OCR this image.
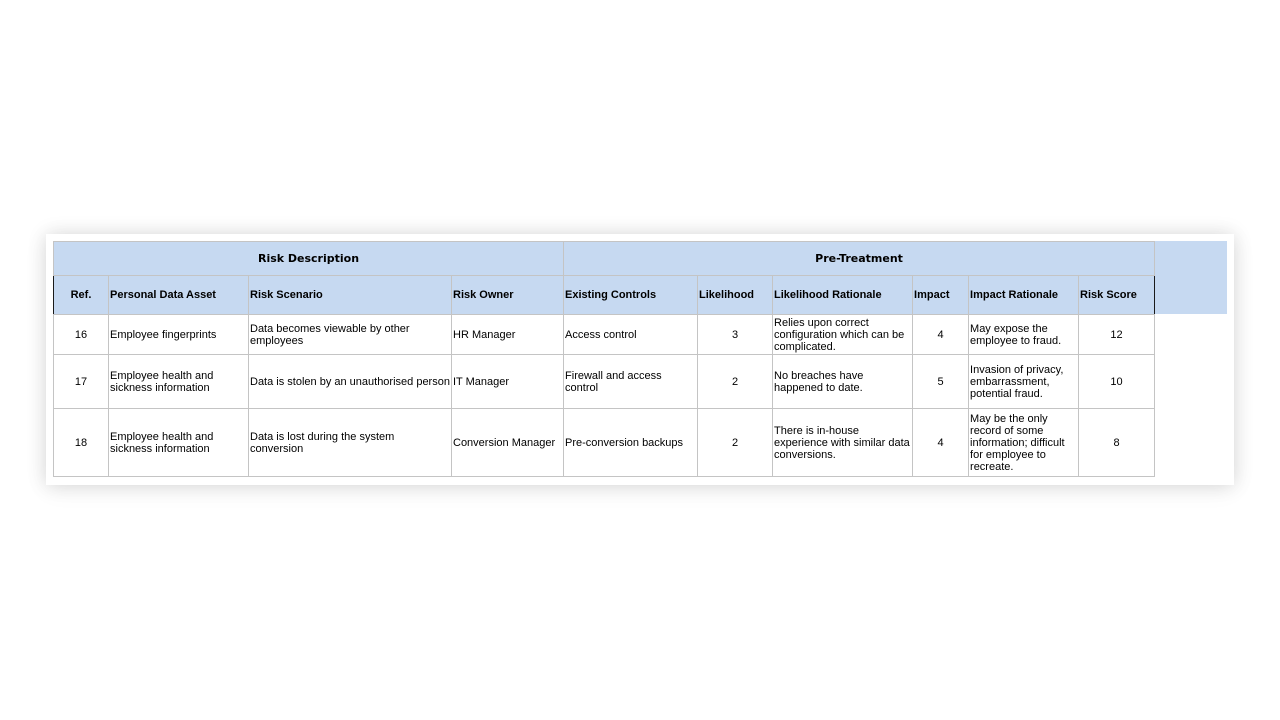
Risk Description				Pre-Treatment					
Ref.	Personal Data Asset	Risk Scenario	Risk Owner	Existing Controls	Likelihood	Likelihood Rationale	Impact	Impact Rationale	Risk Score
16	Employee fingerprints	Data becomes viewable by other employees	HR Manager	Access control	3	Relies upon correct configuration which can be complicated.	4	May expose the employee to fraud.	12
17	Employee health and sickness information	Data is stolen by an unauthorised person	IT Manager	Firewall and access control	2	No breaches have happened to date.	5	Invasion of privacy, embarrassment, potential fraud.	10
18	Employee health and sickness information	Data is lost during the system conversion	Conversion Manager	Pre-conversion backups	2	There is in-house experience with similar data conversions.	4	May be the only record of some information; difficult for employee to recreate.	8
